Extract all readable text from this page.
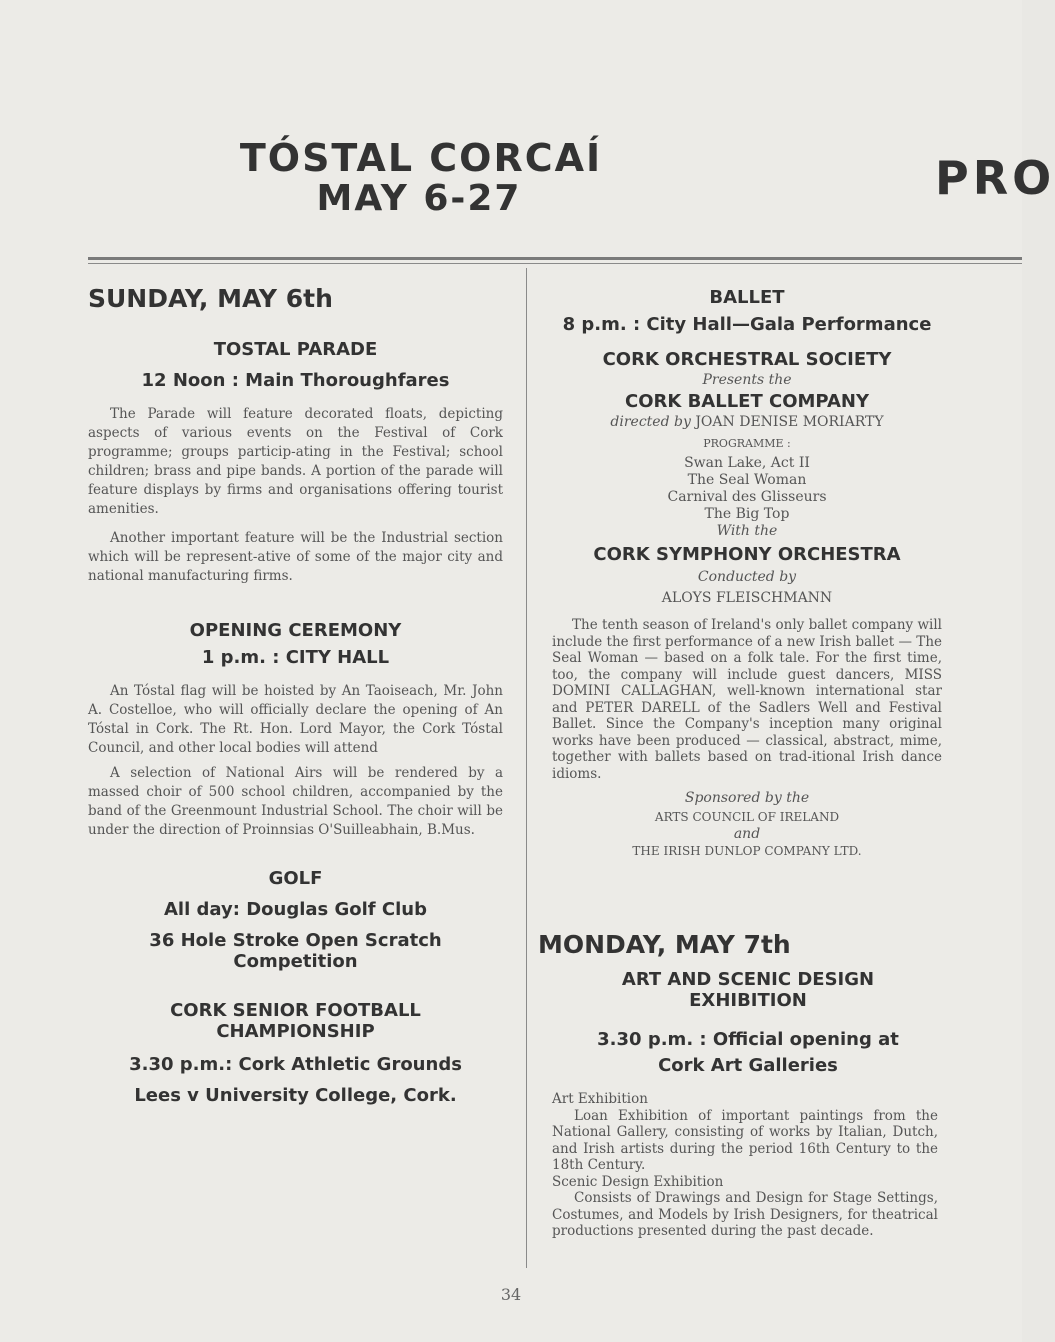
TÓSTAL CORCAÍ
MAY 6-27	PRO
SUNDAY, MAY 6th
TOSTAL PARADE
12 Noon : Main Thoroughfares

The Parade will feature decorated floats, depicting aspects of various events on the Festival of Cork programme; groups particip-ating in the Festival; school children; brass and pipe bands. A portion of the parade will feature displays by firms and organisations offering tourist amenities.

Another important feature will be the Industrial section which will be represent-ative of some of the major city and national manufacturing firms.

OPENING CEREMONY
1 p.m. : CITY HALL

An Tóstal flag will be hoisted by An Taoiseach, Mr. John A. Costelloe, who will officially declare the opening of An Tóstal in Cork. The Rt. Hon. Lord Mayor, the Cork Tóstal Council, and other local bodies will attend

A selection of National Airs will be rendered by a massed choir of 500 school children, accompanied by the band of the Greenmount Industrial School. The choir will be under the direction of Proinnsias O'Suilleabhain, B.Mus.

GOLF
All day: Douglas Golf Club
36 Hole Stroke Open Scratch Competition
CORK SENIOR FOOTBALL CHAMPIONSHIP
3.30 p.m.: Cork Athletic Grounds
Lees v University College, Cork.
BALLET
8 p.m. : City Hall—Gala Performance
CORK ORCHESTRAL SOCIETY

Presents the

CORK BALLET COMPANY

directed by JOAN DENISE MORIARTY

PROGRAMME :

Swan Lake, Act II

The Seal Woman

Carnival des Glisseurs

The Big Top

With the

CORK SYMPHONY ORCHESTRA

Conducted by

ALOYS FLEISCHMANN

The tenth season of Ireland's only ballet company will include the first performance of a new Irish ballet — The Seal Woman — based on a folk tale. For the first time, too, the company will include guest dancers, MISS DOMINI CALLAGHAN, well-known international star and PETER DARELL of the Sadlers Well and Festival Ballet. Since the Company's inception many original works have been produced — classical, abstract, mime, together with ballets based on trad-itional Irish dance idioms.

Sponsored by the

ARTS COUNCIL OF IRELAND

and

THE IRISH DUNLOP COMPANY LTD.

MONDAY, MAY 7th
ART AND SCENIC DESIGN EXHIBITION
3.30 p.m. : Official opening at Cork Art Galleries

Art Exhibition

Loan Exhibition of important paintings from the National Gallery, consisting of works by Italian, Dutch, and Irish artists during the period 16th Century to the 18th Century.

Scenic Design Exhibition

Consists of Drawings and Design for Stage Settings, Costumes, and Models by Irish Designers, for theatrical productions presented during the past decade.

34
